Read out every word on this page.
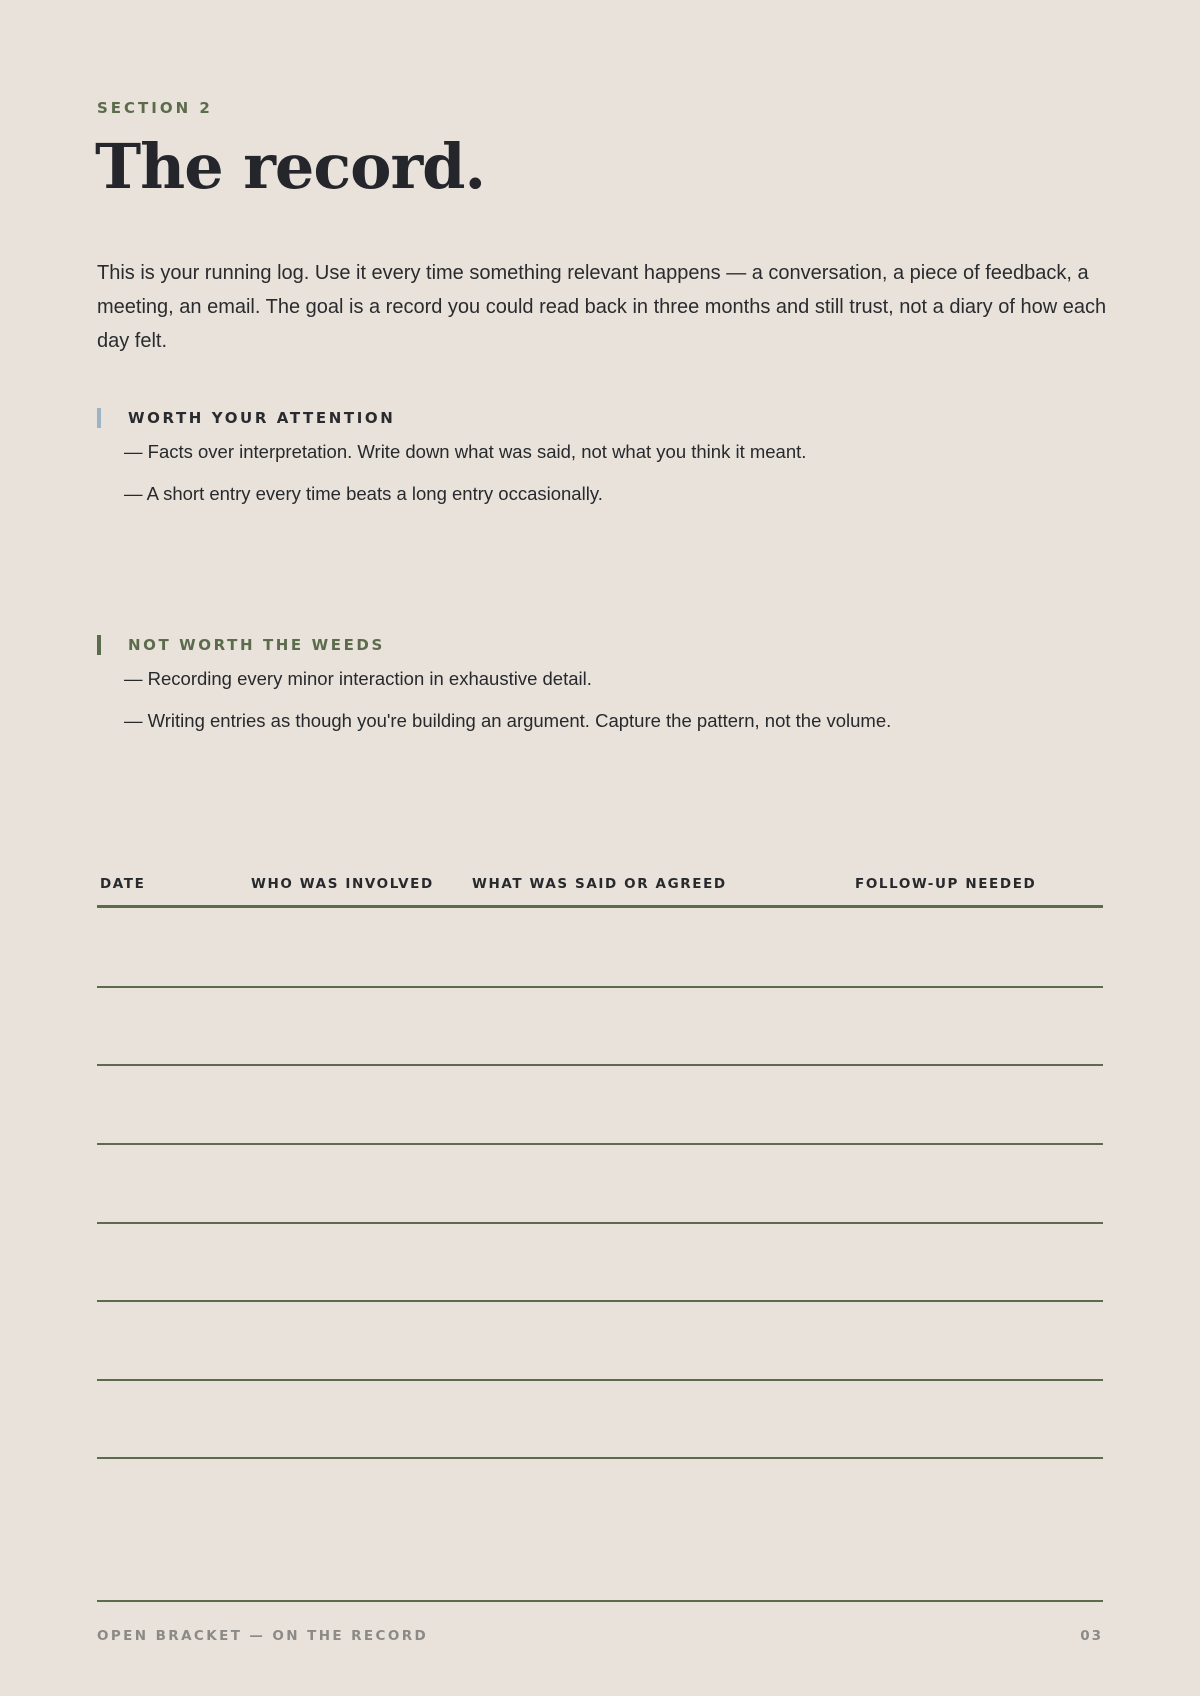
SECTION 2
The record.

This is your running log. Use it every time something relevant happens — a conversation, a piece of feedback, a meeting, an email. The goal is a record you could read back in three months and still trust, not a diary of how each day felt.

WORTH YOUR ATTENTION
— Facts over interpretation. Write down what was said, not what you think it meant.
— A short entry every time beats a long entry occasionally.
NOT WORTH THE WEEDS
— Recording every minor interaction in exhaustive detail.
— Writing entries as though you're building an argument. Capture the pattern, not the volume.
DATE	WHO WAS INVOLVED	WHAT WAS SAID OR AGREED	FOLLOW-UP NEEDED
OPEN BRACKET — ON THE RECORD	03
